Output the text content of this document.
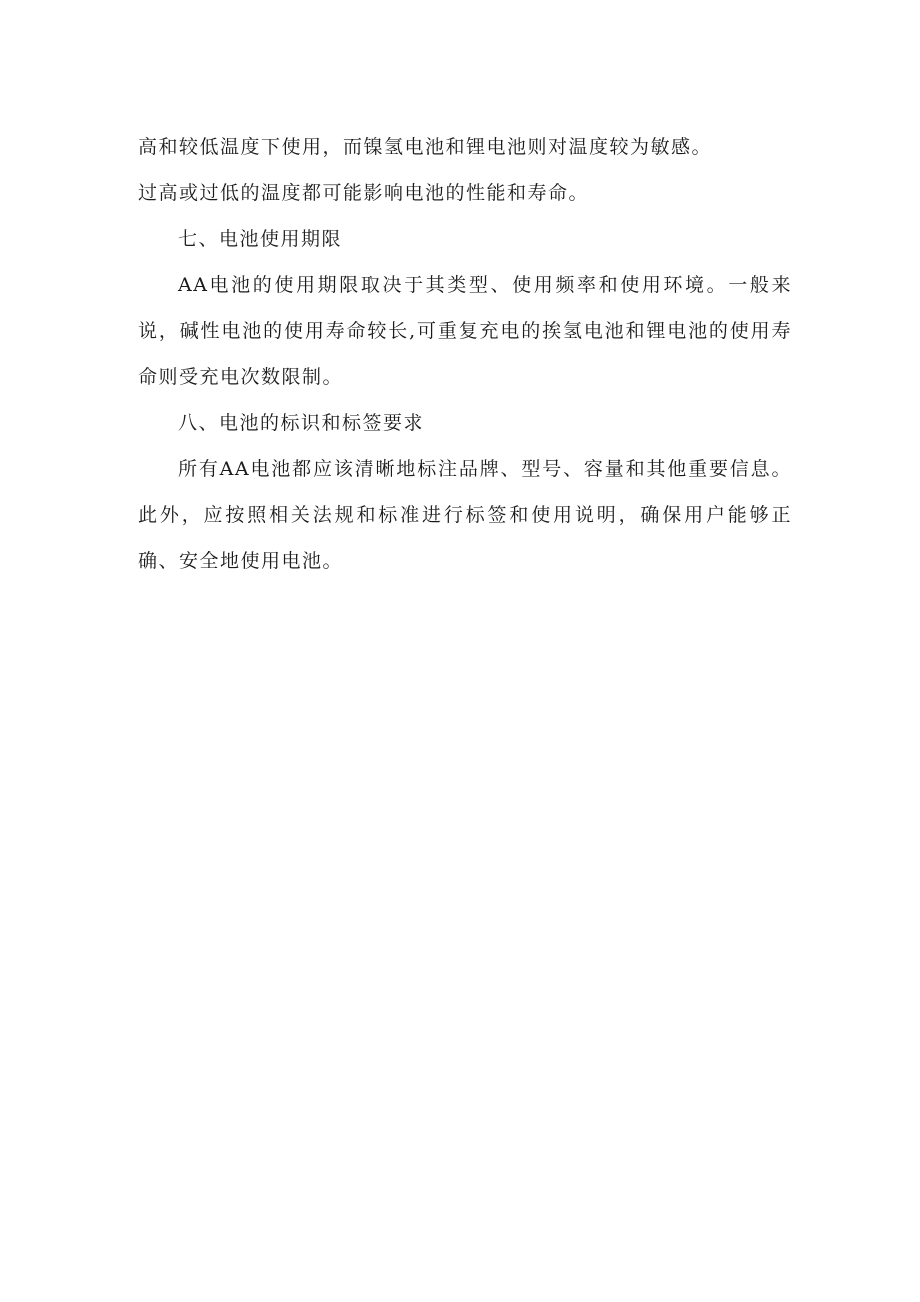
高和较低温度下使用，而镍氢电池和锂电池则对温度较为敏感。
过高或过低的温度都可能影响电池的性能和寿命。

七、电池使用期限

AA电池的使用期限取决于其类型、使用频率和使用环境。一般来说，碱性电池的使用寿命较长,可重复充电的挨氢电池和锂电池的使用寿命则受充电次数限制。

八、电池的标识和标签要求

所有AA电池都应该清晰地标注品牌、型号、容量和其他重要信息。此外，应按照相关法规和标准进行标签和使用说明，确保用户能够正确、安全地使用电池。
